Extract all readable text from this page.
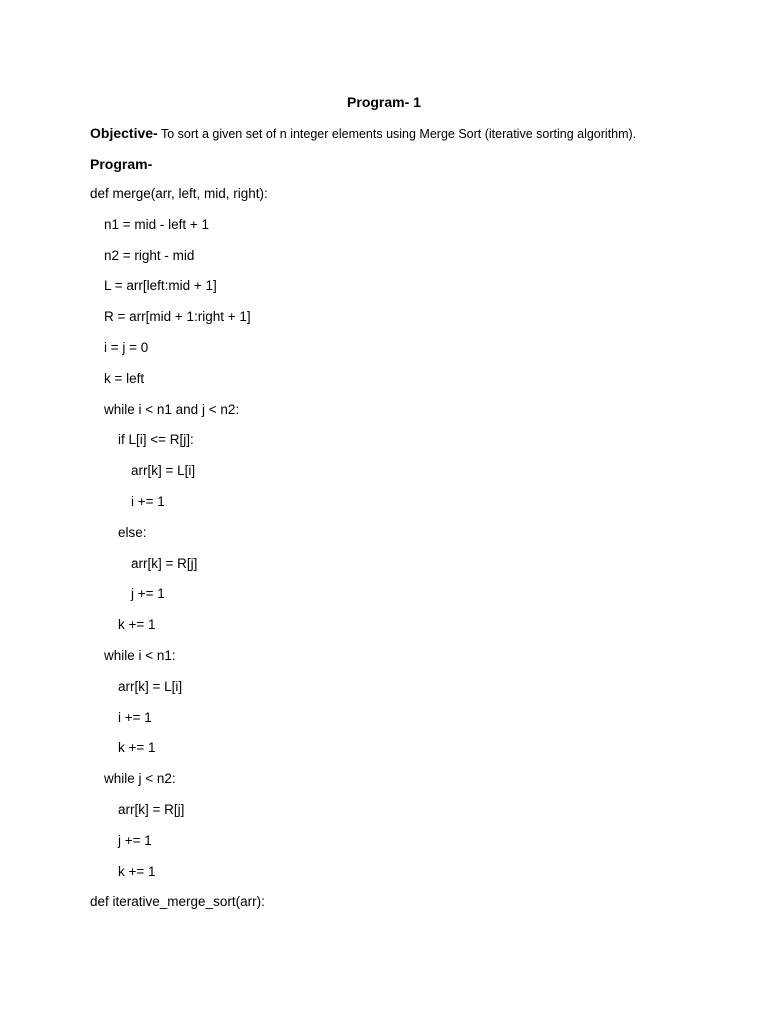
Program- 1
Objective- To sort a given set of n integer elements using Merge Sort (iterative sorting algorithm).
Program-
def merge(arr, left, mid, right):
n1 = mid - left + 1
n2 = right - mid
L = arr[left:mid + 1]
R = arr[mid + 1:right + 1]
i = j = 0
k = left
while i < n1 and j < n2:
if L[i] <= R[j]:
arr[k] = L[i]
i += 1
else:
arr[k] = R[j]
j += 1
k += 1
while i < n1:
arr[k] = L[i]
i += 1
k += 1
while j < n2:
arr[k] = R[j]
j += 1
k += 1
def iterative_merge_sort(arr):
